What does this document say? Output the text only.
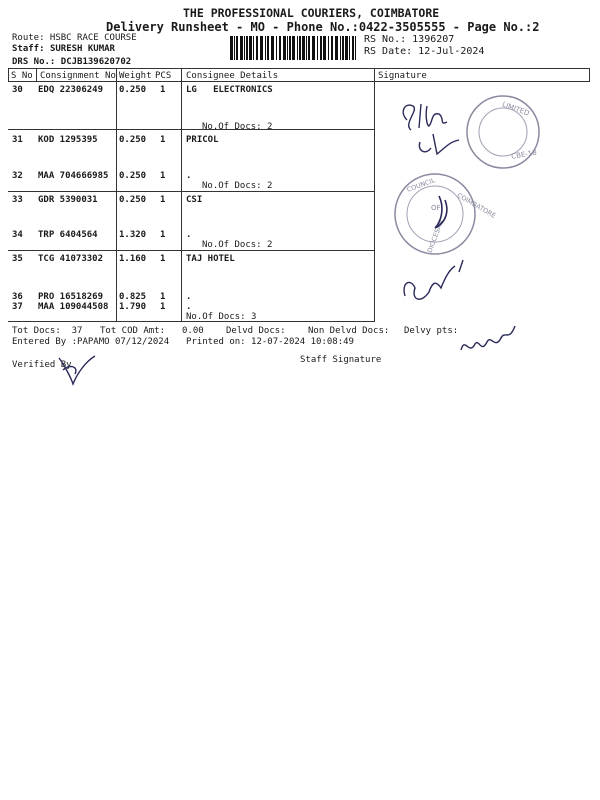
THE PROFESSIONAL COURIERS, COIMBATORE
Delivery Runsheet - MO - Phone No.:0422-3505555 - Page No.:2
Route: HSBC RACE COURSE
Staff: SURESH KUMAR
DRS No.: DCJB139620702
RS No.: 1396207
RS Date: 12-Jul-2024
S No Consignment No Weight PCS Consignee Details	Signature
30 EDQ 22306249 0.250 1 LG   ELECTRONICS
No.Of Docs: 2
31 KOD 1295395 0.250 1 PRICOL
32 MAA 704666985 0.250 1 .
No.Of Docs: 2
33 GDR 5390031 0.250 1 CSI
34 TRP 6404564 1.320 1 .
No.Of Docs: 2
35 TCG 41073302 1.160 1 TAJ HOTEL
36 PRO 16518269 0.825 1 .
37 MAA 109044508 1.790 1 .
No.Of Docs: 3
LIMITED
CBE-18
COUNCIL
COIMBATORE
DIOCESAN
OF
Tot Docs:  37 Tot COD Amt: 0.00 Delvd Docs: Non Delvd Docs: Delvy pts:
Entered By :PAPAMO 07/12/2024 Printed on: 12-07-2024 10:08:49
Verified By	Staff Signature
